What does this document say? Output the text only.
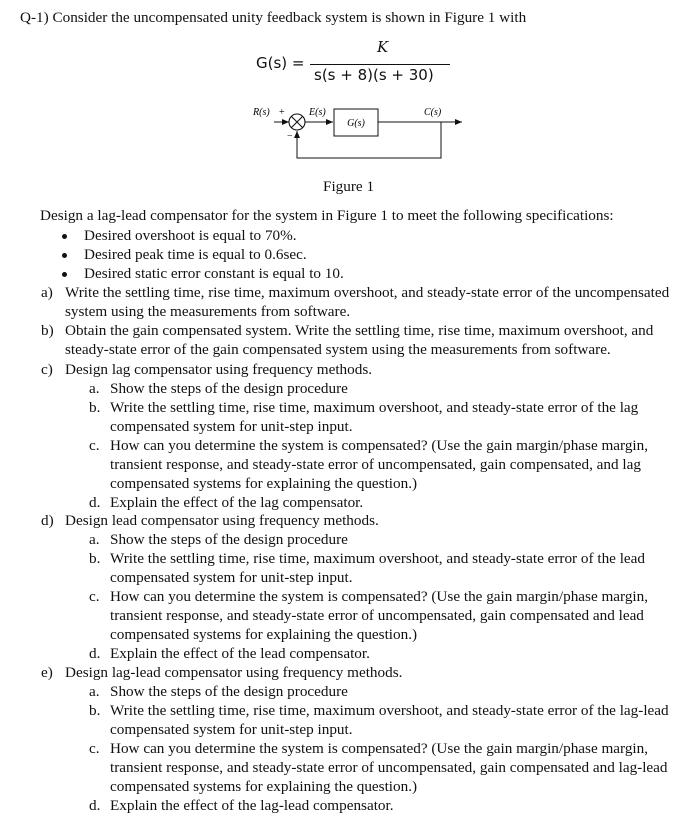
Q-1) Consider the uncompensated unity feedback system is shown in Figure 1 with
G(s) =
K
s(s + 8)(s + 30)
R(s) +
−
E(s)
G(s)
C(s)
Figure 1
Design a lag-lead compensator for the system in Figure 1 to meet the following specifications:
Desired overshoot is equal to 70%.
Desired peak time is equal to 0.6sec.
Desired static error constant is equal to 10.
a) Write the settling time, rise time, maximum overshoot, and steady-state error of the uncompensated
system using the measurements from software.
b) Obtain the gain compensated system. Write the settling time, rise time, maximum overshoot, and
steady-state error of the gain compensated system using the measurements from software.
c) Design lag compensator using frequency methods.
a. Show the steps of the design procedure
b. Write the settling time, rise time, maximum overshoot, and steady-state error of the lag
compensated system for unit-step input.
c. How can you determine the system is compensated? (Use the gain margin/phase margin,
transient response, and steady-state error of uncompensated, gain compensated, and lag
compensated systems for explaining the question.)
d. Explain the effect of the lag compensator.
d) Design lead compensator using frequency methods.
a. Show the steps of the design procedure
b. Write the settling time, rise time, maximum overshoot, and steady-state error of the lead
compensated system for unit-step input.
c. How can you determine the system is compensated? (Use the gain margin/phase margin,
transient response, and steady-state error of uncompensated, gain compensated and lead
compensated systems for explaining the question.)
d. Explain the effect of the lead compensator.
e) Design lag-lead compensator using frequency methods.
a. Show the steps of the design procedure
b. Write the settling time, rise time, maximum overshoot, and steady-state error of the lag-lead
compensated system for unit-step input.
c. How can you determine the system is compensated? (Use the gain margin/phase margin,
transient response, and steady-state error of uncompensated, gain compensated and lag-lead
compensated systems for explaining the question.)
d. Explain the effect of the lag-lead compensator.
